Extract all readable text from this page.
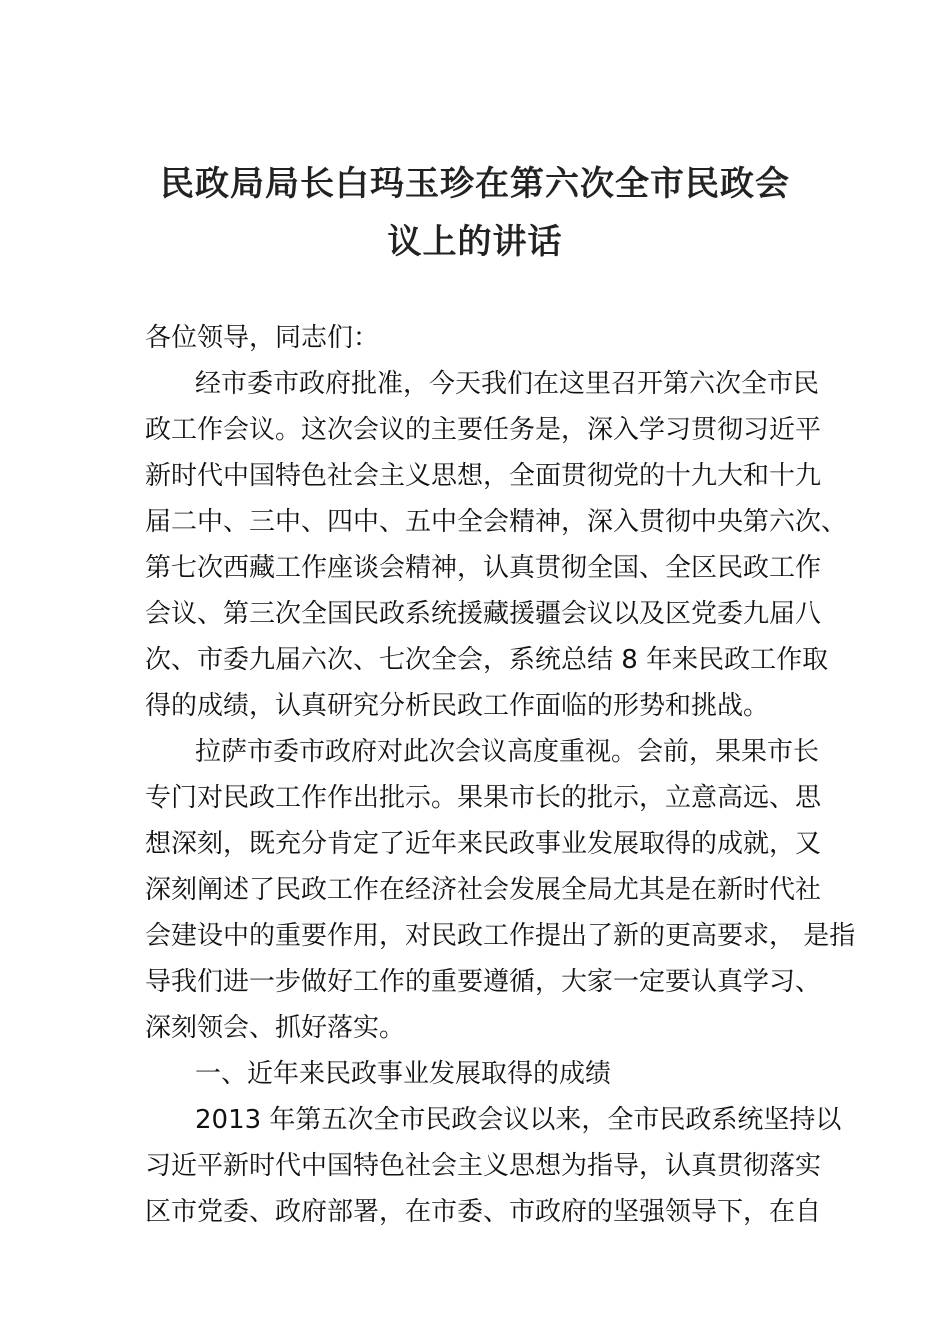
民政局局长白玛玉珍在第六次全市民政会
议上的讲话

各位领导，同志们：

经市委市政府批准，今天我们在这里召开第六次全市民

政工作会议。这次会议的主要任务是，深入学习贯彻习近平

新时代中国特色社会主义思想，全面贯彻党的十九大和十九

届二中、三中、四中、五中全会精神，深入贯彻中央第六次、

第七次西藏工作座谈会精神，认真贯彻全国、全区民政工作

会议、第三次全国民政系统援藏援疆会议以及区党委九届八

次、市委九届六次、七次全会，系统总结 8 年来民政工作取

得的成绩，认真研究分析民政工作面临的形势和挑战。

拉萨市委市政府对此次会议高度重视。会前，果果市长

专门对民政工作作出批示。果果市长的批示，立意高远、思

想深刻，既充分肯定了近年来民政事业发展取得的成就，又

深刻阐述了民政工作在经济社会发展全局尤其是在新时代社

会建设中的重要作用，对民政工作提出了新的更高要求， 是指

导我们进一步做好工作的重要遵循，大家一定要认真学习、

深刻领会、抓好落实。

一、近年来民政事业发展取得的成绩

2013 年第五次全市民政会议以来，全市民政系统坚持以

习近平新时代中国特色社会主义思想为指导，认真贯彻落实

区市党委、政府部署，在市委、市政府的坚强领导下，在自
